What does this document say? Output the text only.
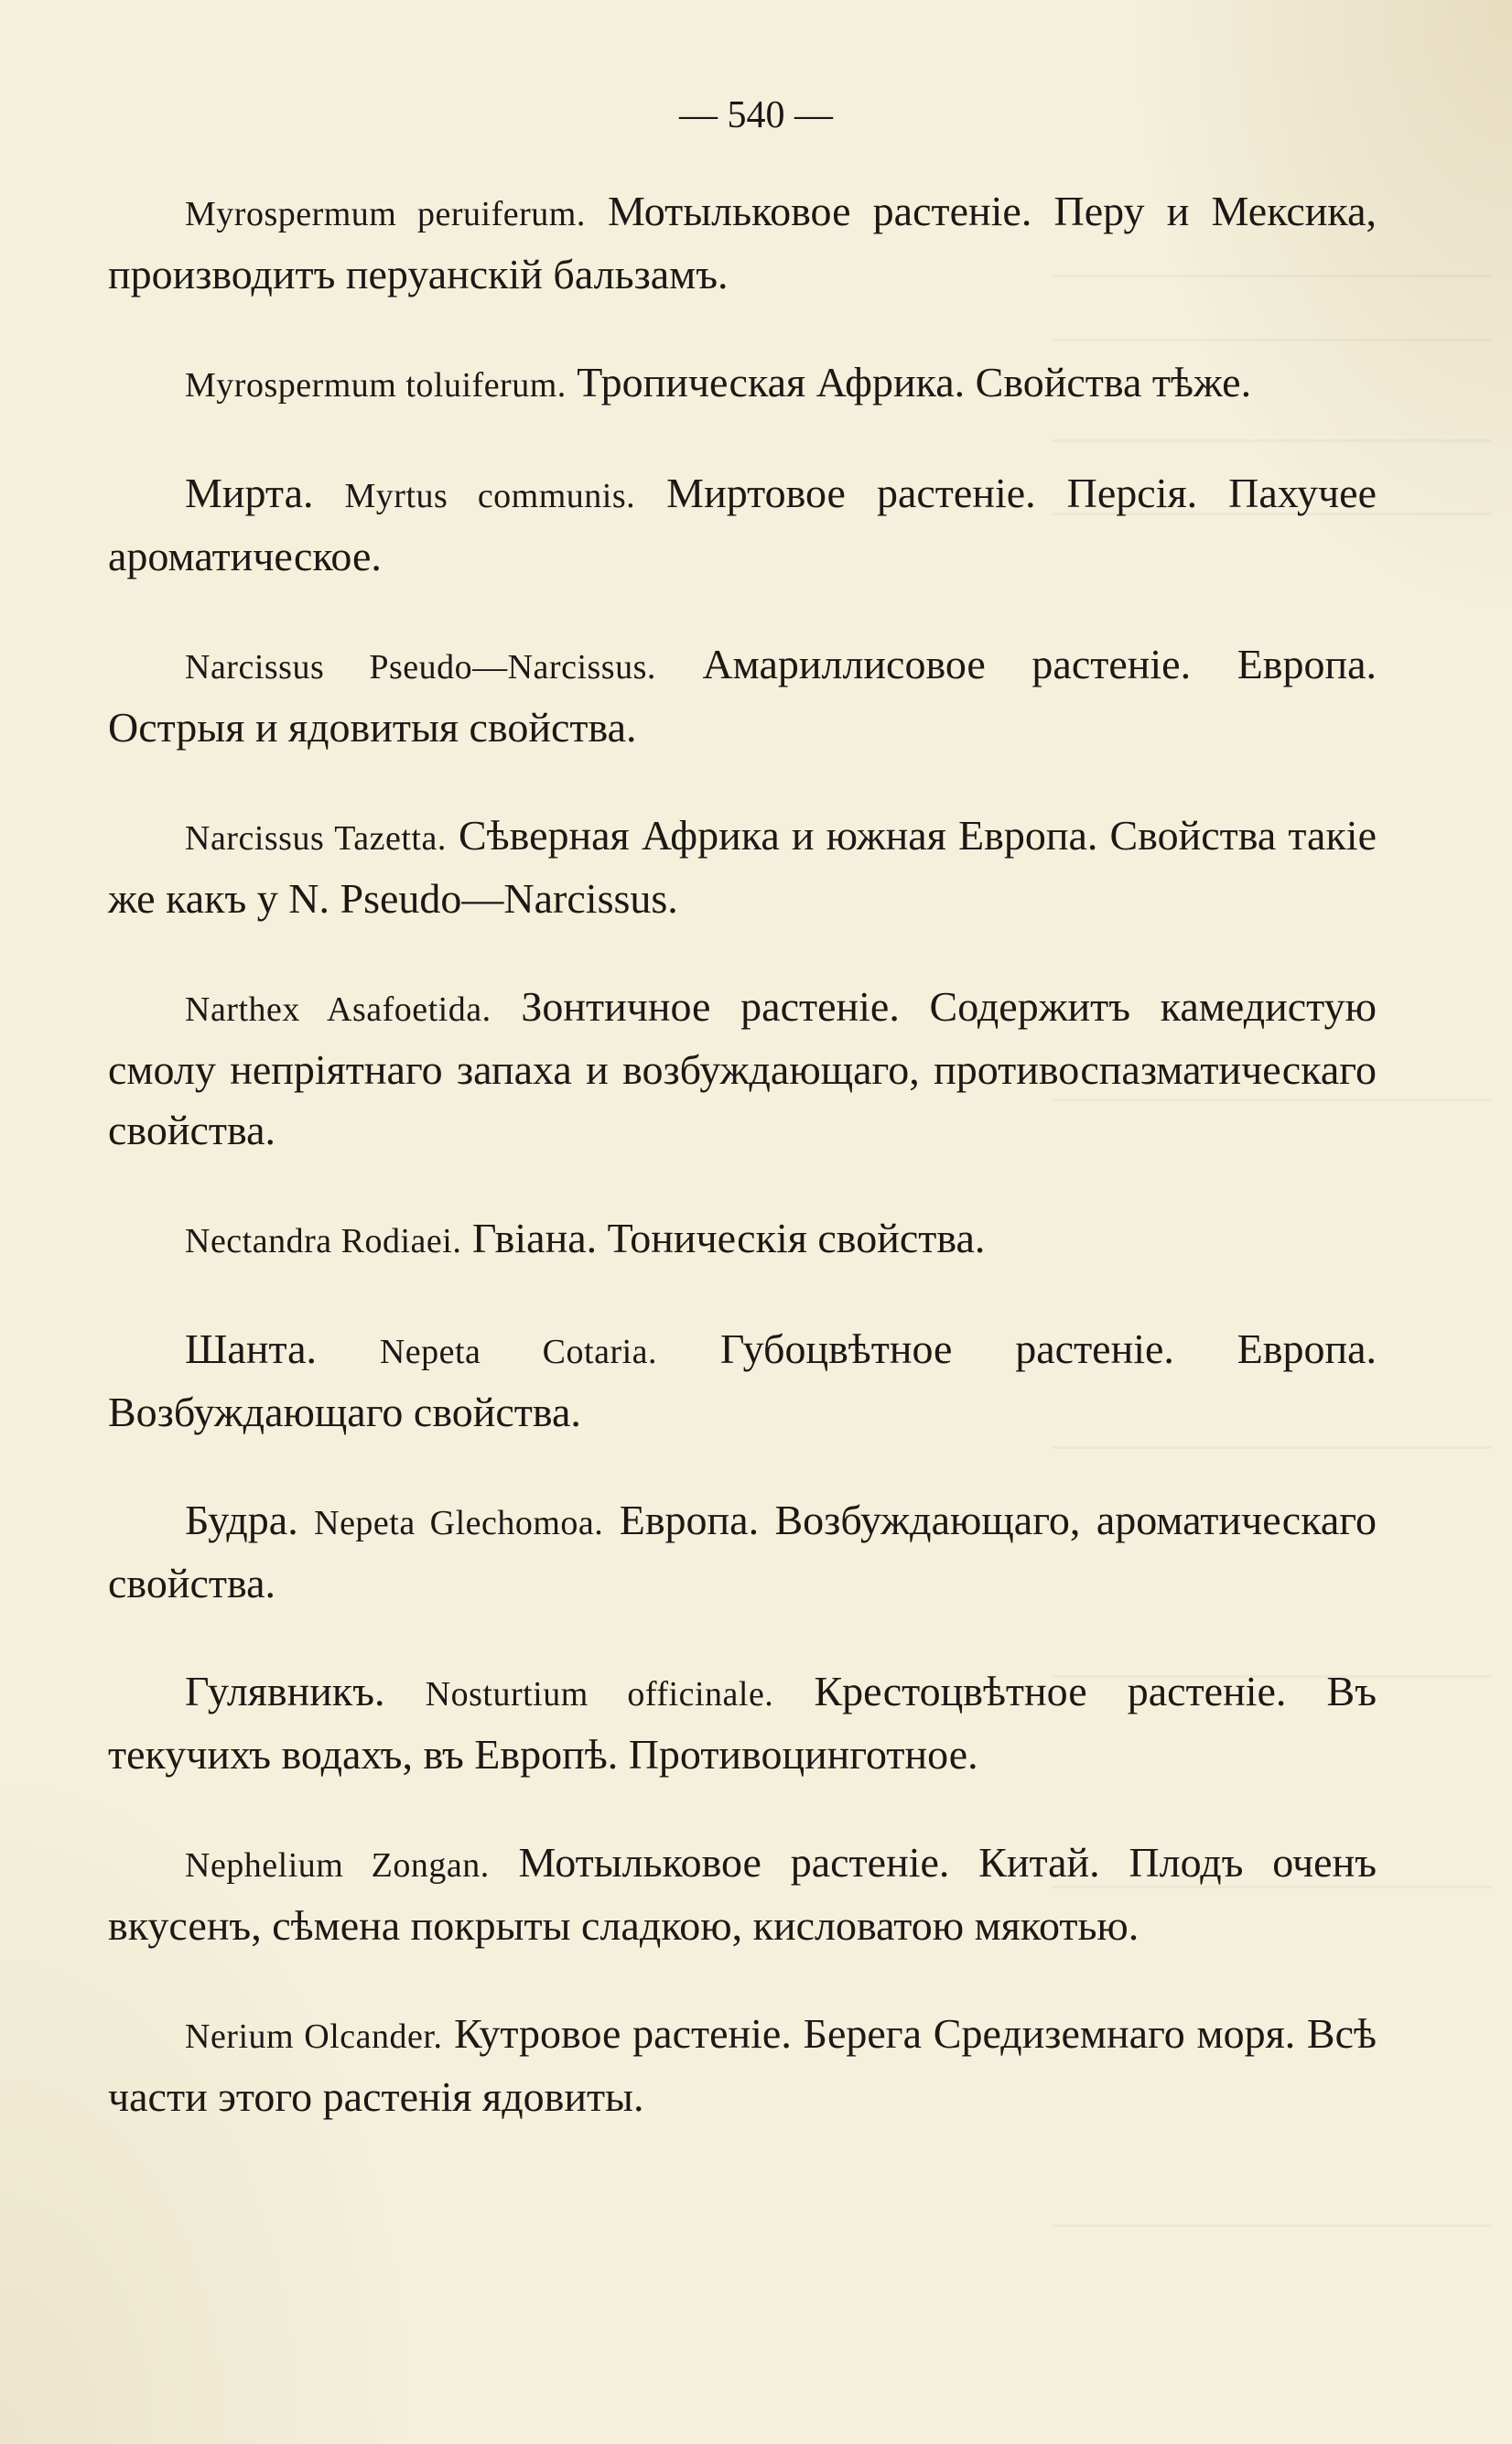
— 540 —

Myrospermum peruiferum. Мотыльковое растеніе. Перу и Мексика, производитъ перуанскій бальзамъ.

Myrospermum toluiferum. Тропическая Африка. Свойства тѣже.

Мирта. Myrtus communis. Миртовое растеніе. Персія. Пахучее ароматическое.

Narcissus Pseudo—Narcissus. Амариллисовое растеніе. Европа. Острыя и ядовитыя свойства.

Narcissus Tazetta. Сѣверная Африка и южная Европа. Свойства такіе же какъ у N. Pseudo—Narcissus.

Narthex Asafoetida. Зонтичное растеніе. Содержитъ камедистую смолу непріятнаго запаха и возбуждающаго, противоспазматическаго свойства.

Nectandra Rodiaei. Гвіана. Тоническія свойства.

Шанта. Nepeta Cotaria. Губоцвѣтное растеніе. Европа. Возбуждающаго свойства.

Будра. Nepeta Glechomoa. Европа. Возбуждающаго, ароматическаго свойства.

Гулявникъ. Nosturtium officinale. Крестоцвѣтное растеніе. Въ текучихъ водахъ, въ Европѣ. Противоцинготное.

Nephelium Zongan. Мотыльковое растеніе. Китай. Плодъ оченъ вкусенъ, сѣмена покрыты сладкою, кисловатою мякотью.

Nerium Olcander. Кутровое растеніе. Берега Средиземнаго моря. Всѣ части этого растенія ядовиты.
